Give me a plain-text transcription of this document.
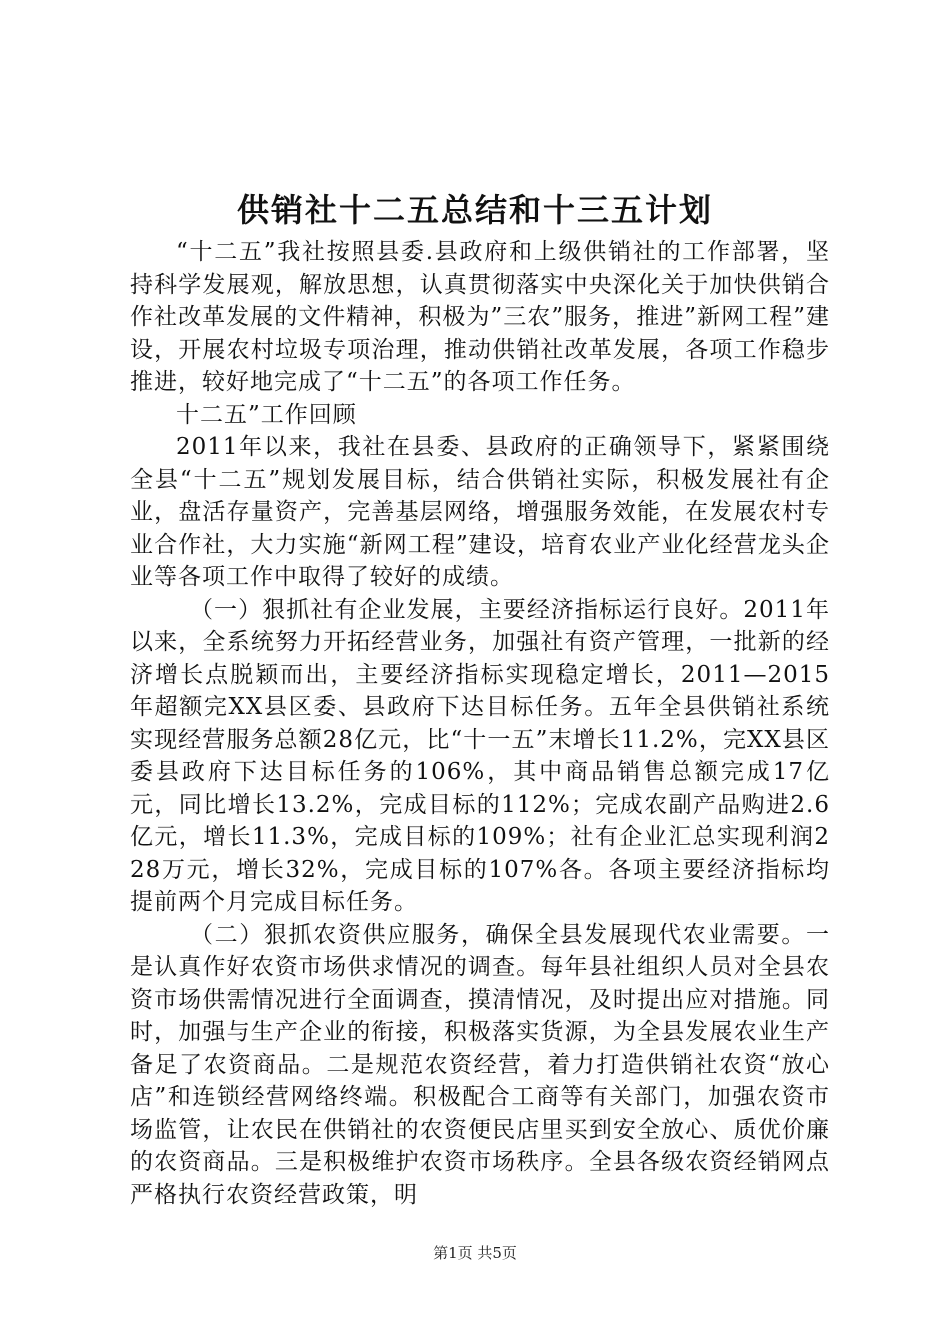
供销社十二五总结和十三五计划

“十二五”我社按照县委.县政府和上级供销社的工作部署，坚持科学发展观，解放思想，认真贯彻落实中央深化关于加快供销合作社改革发展的文件精神，积极为”三农”服务，推进”新网工程”建设，开展农村垃圾专项治理，推动供销社改革发展，各项工作稳步推进，较好地完成了“十二五”的各项工作任务。

十二五”工作回顾

2011年以来，我社在县委、县政府的正确领导下，紧紧围绕全县“十二五”规划发展目标，结合供销社实际，积极发展社有企业，盘活存量资产，完善基层网络，增强服务效能，在发展农村专业合作社，大力实施“新网工程”建设，培育农业产业化经营龙头企业等各项工作中取得了较好的成绩。

（一）狠抓社有企业发展，主要经济指标运行良好。2011年以来，全系统努力开拓经营业务，加强社有资产管理，一批新的经济增长点脱颖而出，主要经济指标实现稳定增长，2011—2015年超额完XX县区委、县政府下达目标任务。五年全县供销社系统实现经营服务总额28亿元，比“十一五”末增长11.2%，完XX县区委县政府下达目标任务的106%，其中商品销售总额完成17亿元，同比增长13.2%，完成目标的112%；完成农副产品购进2.6亿元，增长11.3%，完成目标的109%；社有企业汇总实现利润228万元，增长32%，完成目标的107%各。各项主要经济指标均提前两个月完成目标任务。

（二）狠抓农资供应服务，确保全县发展现代农业需要。一是认真作好农资市场供求情况的调查。每年县社组织人员对全县农资市场供需情况进行全面调查，摸清情况，及时提出应对措施。同时，加强与生产企业的衔接，积极落实货源，为全县发展农业生产备足了农资商品。二是规范农资经营，着力打造供销社农资“放心店”和连锁经营网络终端。积极配合工商等有关部门，加强农资市场监管，让农民在供销社的农资便民店里买到安全放心、质优价廉的农资商品。三是积极维护农资市场秩序。全县各级农资经销网点严格执行农资经营政策，明

第1页 共5页
